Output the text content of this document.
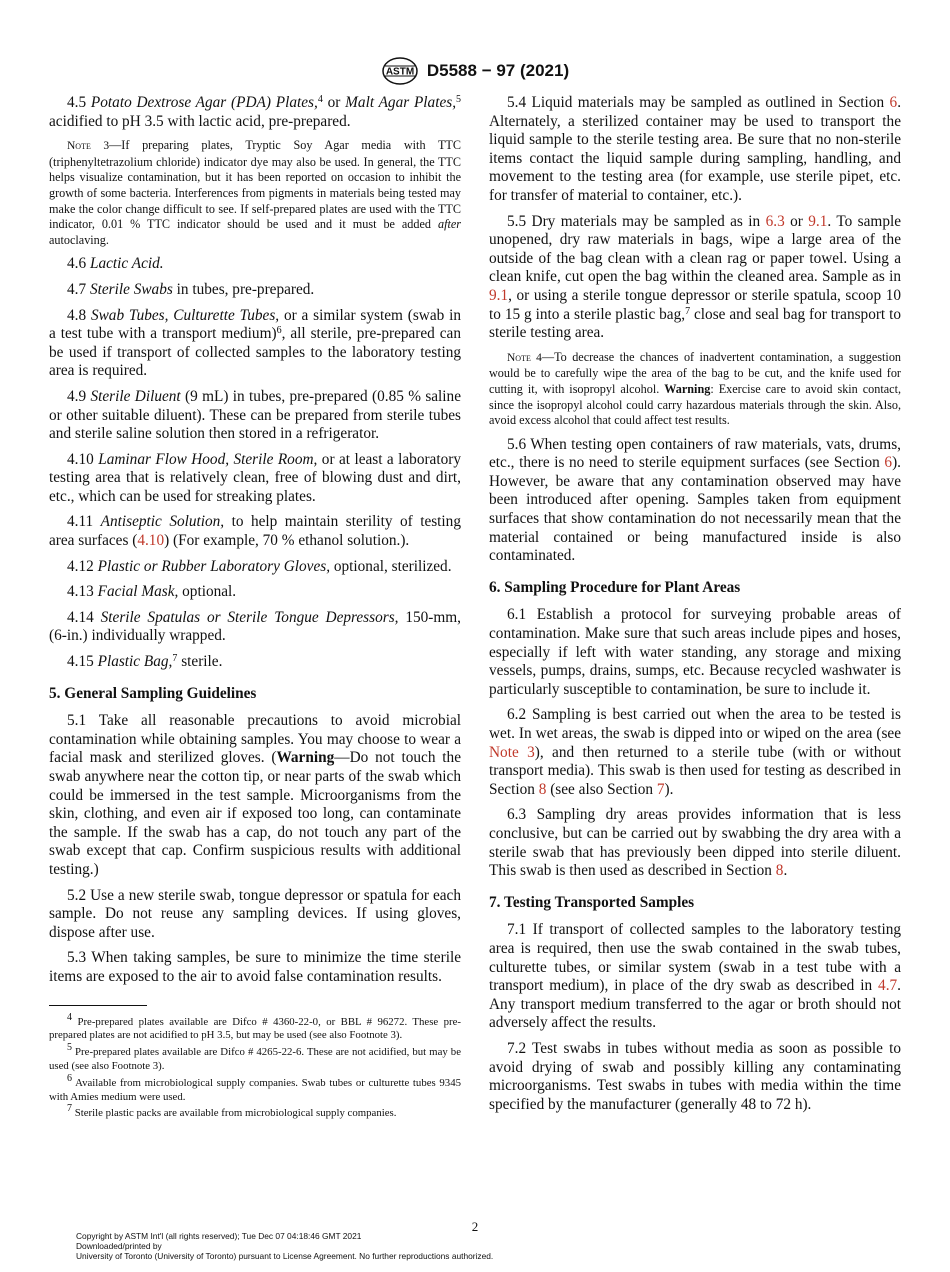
ASTM D5588 − 97 (2021)

4.5 Potato Dextrose Agar (PDA) Plates,$^4$ or Malt Agar Plates,$^5$ acidified to pH 3.5 with lactic acid, pre-prepared.

Note 3—If preparing plates, Tryptic Soy Agar media with TTC (triphenyltetrazolium chloride) indicator dye may also be used. In general, the TTC helps visualize contamination, but it has been reported on occasion to inhibit the growth of some bacteria. Interferences from pigments in materials being tested may make the color change difficult to see. If self-prepared plates are used with the TTC indicator, 0.01 % TTC indicator should be used and it must be added after autoclaving.

4.6 Lactic Acid.

4.7 Sterile Swabs in tubes, pre-prepared.

4.8 Swab Tubes, Culturette Tubes, or a similar system (swab in a test tube with a transport medium)$^6$, all sterile, pre-prepared can be used if transport of collected samples to the laboratory testing area is required.

4.9 Sterile Diluent (9 mL) in tubes, pre-prepared (0.85 % saline or other suitable diluent). These can be prepared from sterile tubes and sterile saline solution then stored in a refrigerator.

4.10 Laminar Flow Hood, Sterile Room, or at least a laboratory testing area that is relatively clean, free of blowing dust and dirt, etc., which can be used for streaking plates.

4.11 Antiseptic Solution, to help maintain sterility of testing area surfaces (4.10) (For example, 70 % ethanol solution.).

4.12 Plastic or Rubber Laboratory Gloves, optional, sterilized.

4.13 Facial Mask, optional.

4.14 Sterile Spatulas or Sterile Tongue Depressors, 150-mm, (6-in.) individually wrapped.

4.15 Plastic Bag,$^7$ sterile.

5. General Sampling Guidelines

5.1 Take all reasonable precautions to avoid microbial contamination while obtaining samples. You may choose to wear a facial mask and sterilized gloves. (Warning—Do not touch the swab anywhere near the cotton tip, or near parts of the swab which could be immersed in the test sample. Microorganisms from the skin, clothing, and even air if exposed too long, can contaminate the sample. If the swab has a cap, do not touch any part of the swab except that cap. Confirm suspicious results with additional testing.)

5.2 Use a new sterile swab, tongue depressor or spatula for each sample. Do not reuse any sampling devices. If using gloves, dispose after use.

5.3 When taking samples, be sure to minimize the time sterile items are exposed to the air to avoid false contamination results.

$^4$ Pre-prepared plates available are Difco # 4360-22-0, or BBL # 96272. These pre-prepared plates are not acidified to pH 3.5, but may be used (see also Footnote 3).

$^5$ Pre-prepared plates available are Difco # 4265-22-6. These are not acidified, but may be used (see also Footnote 3).

$^6$ Available from microbiological supply companies. Swab tubes or culturette tubes 9345 with Amies medium were used.

$^7$ Sterile plastic packs are available from microbiological supply companies.

5.4 Liquid materials may be sampled as outlined in Section 6. Alternately, a sterilized container may be used to transport the liquid sample to the sterile testing area. Be sure that no non-sterile items contact the liquid sample during sampling, handling, and movement to the testing area (for example, use sterile pipet, etc. for transfer of material to container, etc.).

5.5 Dry materials may be sampled as in 6.3 or 9.1. To sample unopened, dry raw materials in bags, wipe a large area of the outside of the bag clean with a clean rag or paper towel. Using a clean knife, cut open the bag within the cleaned area. Sample as in 9.1, or using a sterile tongue depressor or sterile spatula, scoop 10 to 15 g into a sterile plastic bag,$^7$ close and seal bag for transport to sterile testing area.

Note 4—To decrease the chances of inadvertent contamination, a suggestion would be to carefully wipe the area of the bag to be cut, and the knife used for cutting it, with isopropyl alcohol. Warning: Exercise care to avoid skin contact, since the isopropyl alcohol could carry hazardous materials through the skin. Also, avoid excess alcohol that could affect test results.

5.6 When testing open containers of raw materials, vats, drums, etc., there is no need to sterile equipment surfaces (see Section 6). However, be aware that any contamination observed may have been introduced after opening. Samples taken from equipment surfaces that show contamination do not necessarily mean that the material contained or being manufactured inside is also contaminated.

6. Sampling Procedure for Plant Areas

6.1 Establish a protocol for surveying probable areas of contamination. Make sure that such areas include pipes and hoses, especially if left with water standing, any storage and mixing vessels, pumps, drains, sumps, etc. Because recycled washwater is particularly susceptible to contamination, be sure to include it.

6.2 Sampling is best carried out when the area to be tested is wet. In wet areas, the swab is dipped into or wiped on the area (see Note 3), and then returned to a sterile tube (with or without transport media). This swab is then used for testing as described in Section 8 (see also Section 7).

6.3 Sampling dry areas provides information that is less conclusive, but can be carried out by swabbing the dry area with a sterile swab that has previously been dipped into sterile diluent. This swab is then used as described in Section 8.

7. Testing Transported Samples

7.1 If transport of collected samples to the laboratory testing area is required, then use the swab contained in the swab tubes, culturette tubes, or similar system (swab in a test tube with a transport medium), in place of the dry swab as described in 4.7. Any transport medium transferred to the agar or broth should not adversely affect the results.

7.2 Test swabs in tubes without media as soon as possible to avoid drying of swab and possibly killing any contaminating microorganisms. Test swabs in tubes with media within the time specified by the manufacturer (generally 48 to 72 h).

2
Copyright by ASTM Int'l (all rights reserved); Tue Dec 07 04:18:46 GMT 2021
Downloaded/printed by
University of Toronto (University of Toronto) pursuant to License Agreement. No further reproductions authorized.
